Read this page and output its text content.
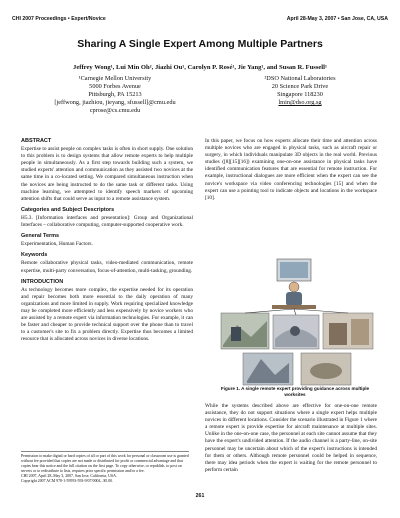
CHI 2007 Proceedings • Expert/Novice	April 28-May 3, 2007 • San Jose, CA, USA
Sharing A Single Expert Among Multiple Partners
Jeffrey Wong¹, Lui Min Oh², Jiazhi Ou¹, Carolyn P. Rosé¹, Jie Yang¹, and Susan R. Fussell¹
¹Carnegie Mellon University
5000 Forbes Avenue
Pittsburgh, PA 15213
[jeffwong, jiazhiou, jieyang, sfussell]@cmu.edu
cprose@cs.cmu.edu
²DSO National Laboratories
20 Science Park Drive
Singapore 118230
lmin@dso.org.sg
ABSTRACT

Expertise to assist people on complex tasks is often in short supply. One solution to this problem is to design systems that allow remote experts to help multiple people in simultaneously. As a first step towards building such a system, we studied experts' attention and communication as they assisted two novices at the same time in a co-located setting. We compared simultaneous instruction when the novices are being instructed to do the same task or different tasks. Using machine learning, we attempted to identify speech markers of upcoming attention shifts that could serve as input to a remote assistance system.

Categories and Subject Descriptors

H5.3. [Information interfaces and presentation]: Group and Organizational Interfaces – collaborative computing, computer-supported cooperative work.

General Terms

Experimentation, Human Factors.

Keywords

Remote collaborative physical tasks, video-mediated communication, remote expertise, multi-party conversation, focus-of-attention, multi-tasking, grounding.

INTRODUCTION

As technology becomes more complex, the expertise needed for its operation and repair becomes both more essential to the daily operation of many organizations and more limited in supply. Work requiring specialized knowledge may be completed more efficiently and less expensively by novice workers who are assisted by a remote expert via information technologies. For example, it can be faster and cheaper to provide technical support over the phone than to travel to a customer's site to fix a problem directly. Expertise thus becomes a limited resource that is allocated across novices in diverse locations.

Permission to make digital or hard copies of all or part of this work for personal or classroom use is granted without fee provided that copies are not made or distributed for profit or commercial advantage and that copies bear this notice and the full citation on the first page. To copy otherwise, or republish, to post on servers or to redistribute to lists, requires prior specific permission and/or a fee.
CHI 2007, April 28–May 3, 2007, San Jose, California, USA.
Copyright 2007 ACM 978-1-59593-593-9/07/0004...$5.00.

In this paper, we focus on how experts allocate their time and attention across multiple novices who are engaged in physical tasks, such as aircraft repair or surgery, in which individuals manipulate 3D objects in the real world. Previous studies ([8][15][16]) examining one-on-one assistance in physical tasks have identified communication features that are essential for remote instruction. For example, instructional dialogues are more efficient when the expert can see the novice's workspace via video conferencing technologies [15] and when the expert can use a pointing tool to indicate objects and locations in the workspace [10].

Figure 1. A single remote expert providing guidance across multiple worksites

While the systems described above are effective for one-on-one remote assistance, they do not support situations where a single expert helps multiple novices in different locations. Consider the scenario illustrated in Figure 1 where a remote expert is provide expertise for aircraft maintenance at multiple sites. Unlike in the one-on-one case, the personnel at each site cannot assume that they have the expert's undivided attention. If the audio channel is a party-line, on-site personnel may be uncertain about which of the expert's instructions is intended for them or others. Although remote personnel could be helped in sequence, there may idea periods when the expert is waiting for the remote personnel to perform certain

261
